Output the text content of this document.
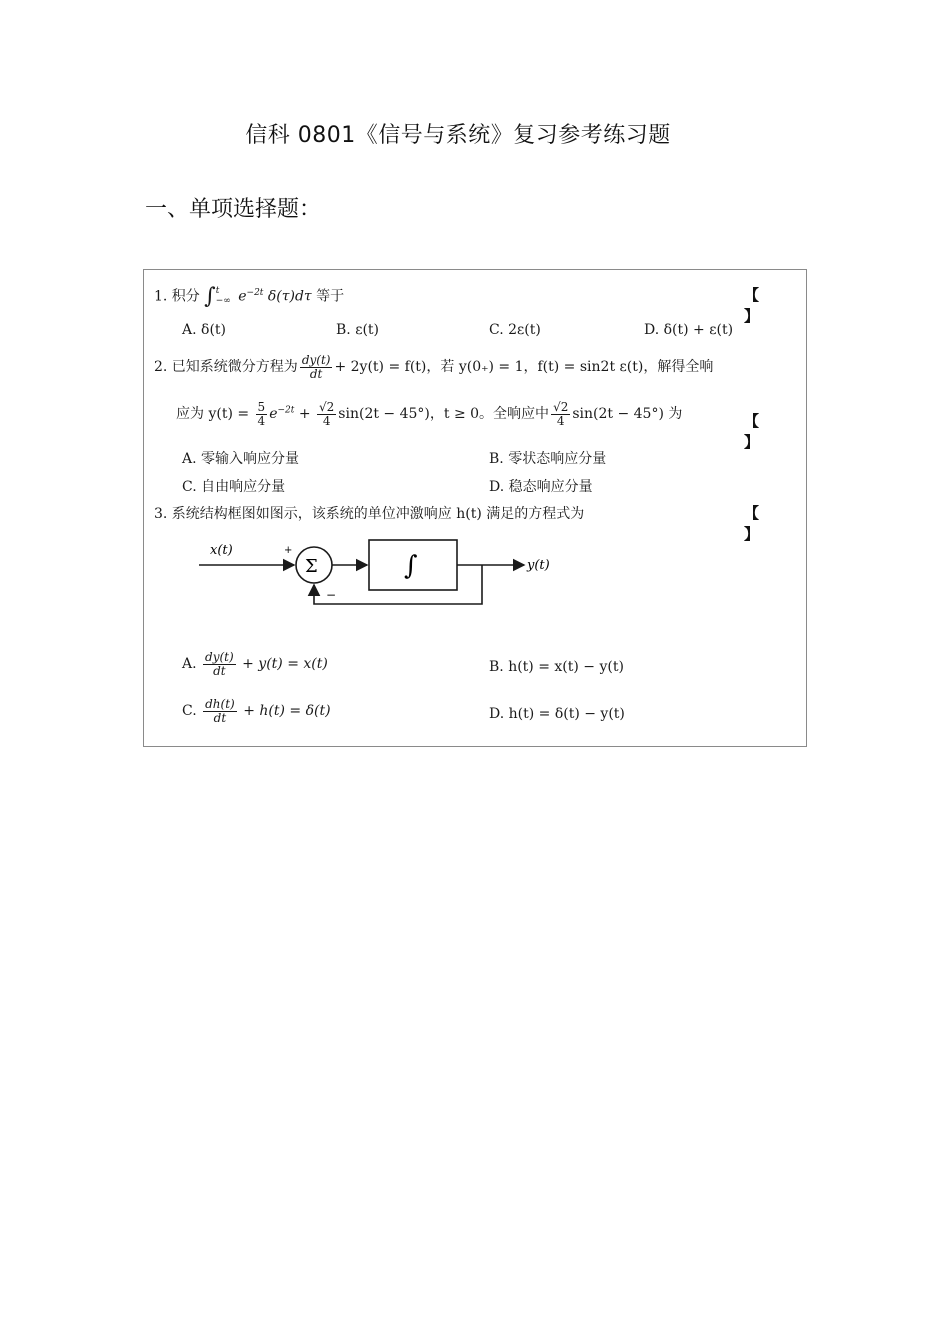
信科 0801《信号与系统》复习参考练习题
一、单项选择题：
1. 积分 ∫t
−∞ $e^{-2t}$ δ(τ)dτ 等于	【 】
A. δ(t)	B. ε(t)	C. 2ε(t)	D. δ(t) + ε(t)
2. 已知系统微分方程为 $\frac{dy(t)}{dt} + 2y(t) = f(t)$，若 y(0₊) = 1，f(t) = sin2t ε(t)，解得全响
应为 $y(t) = \frac{5}{4} e^{-2t} + \frac{√2}{4} \sin(2t - 45^\circ)$，t ≥ 0。全响应中 $\frac{√2}{4} \sin(2t - 45^\circ)$ 为	【 】
A. 零输入响应分量	B. 零状态响应分量
C. 自由响应分量	D. 稳态响应分量
3. 系统结构框图如图示，该系统的单位冲激响应 h(t) 满足的方程式为	【 】
x(t)	+
Σ	∫	y(t)
−
A. $\frac{dy(t)}{dt} + y(t) = x(t)$	B. h(t) = x(t) − y(t)
C. $\frac{dh(t)}{dt} + h(t) = \delta(t)$	D. h(t) = δ(t) − y(t)
